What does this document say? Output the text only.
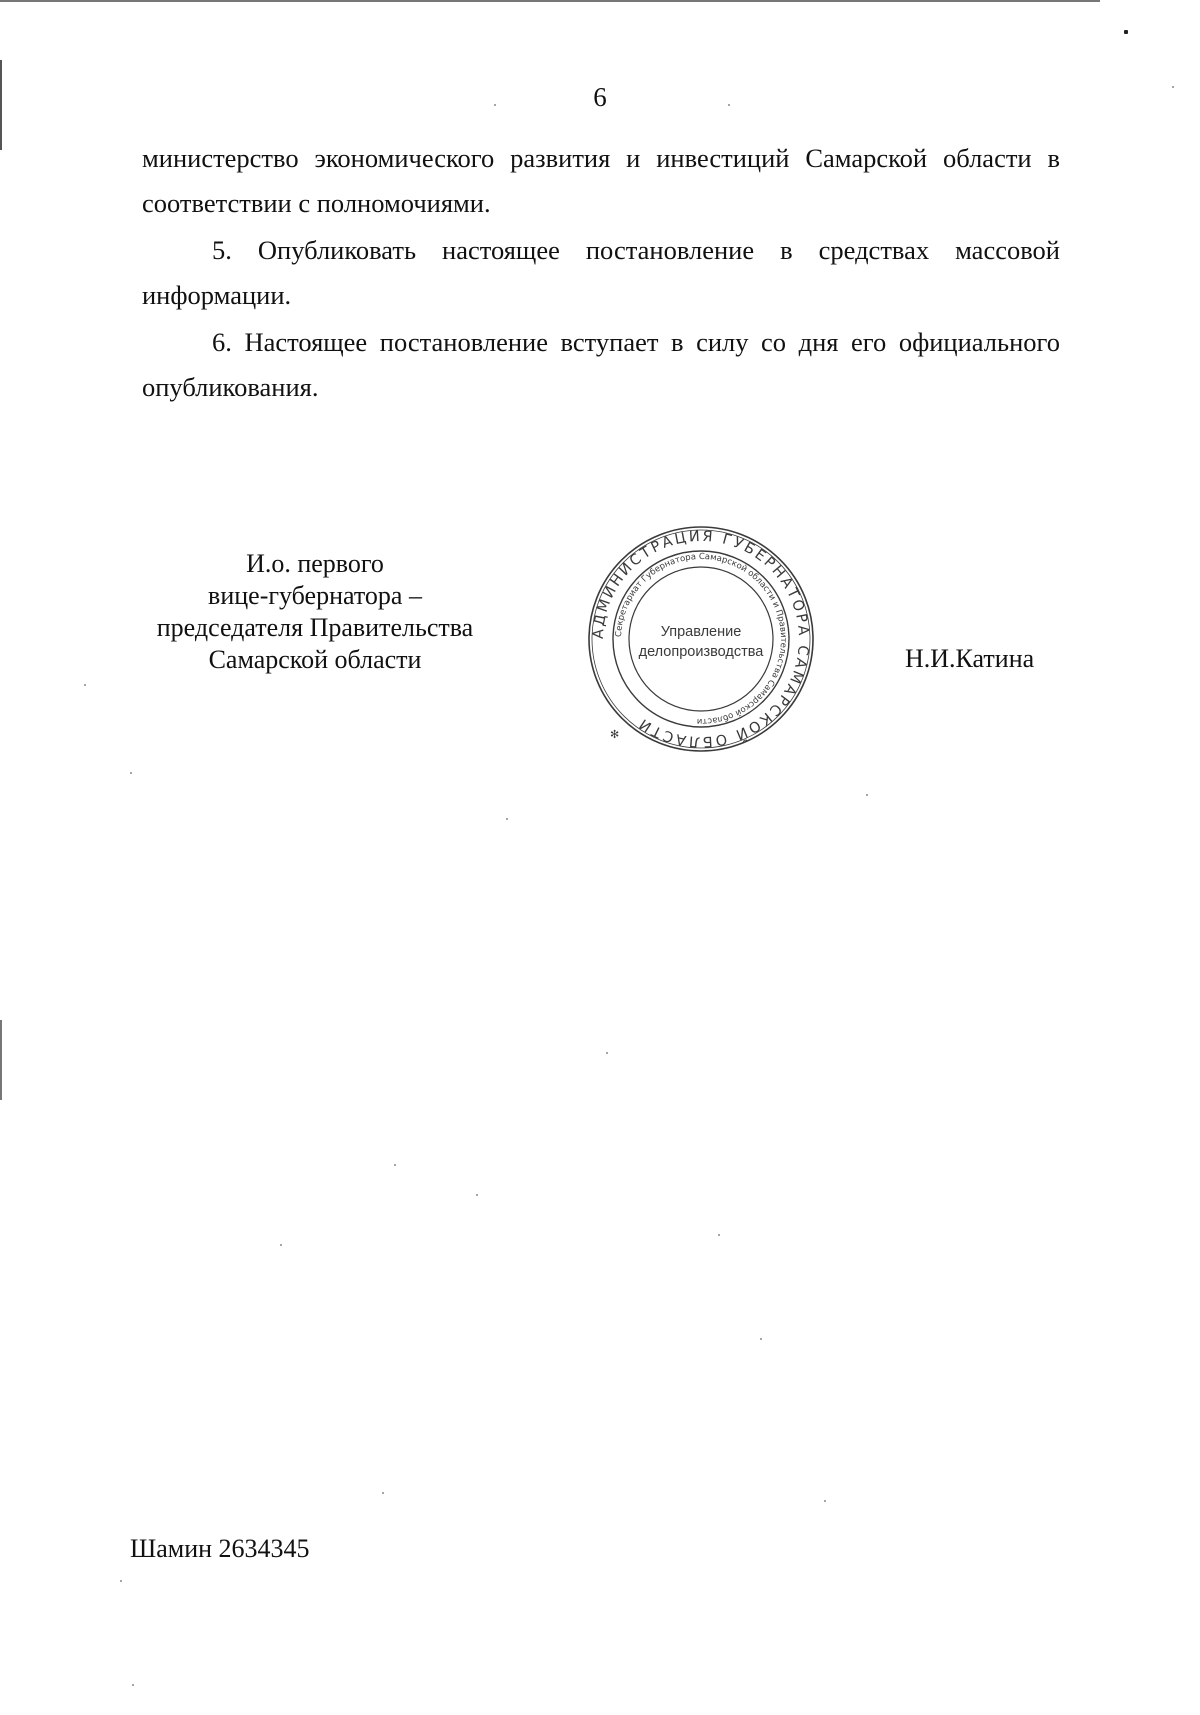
6

министерство экономического развития и инвестиций Самарской области в соответствии с полномочиями.

5. Опубликовать настоящее постановление в средствах массовой информации.

6. Настоящее постановление вступает в силу со дня его официального опубликования.

И.о. первого
вице-губернатора –
председателя Правительства
Самарской области
АДМИНИСТРАЦИЯ ГУБЕРНАТОРА САМАРСКОЙ ОБЛАСТИ
Секретариат Губернатора Самарской области и Правительства Самарской области
✻
Управление
делопроизводства	Н.И.Катина
Шамин 2634345
